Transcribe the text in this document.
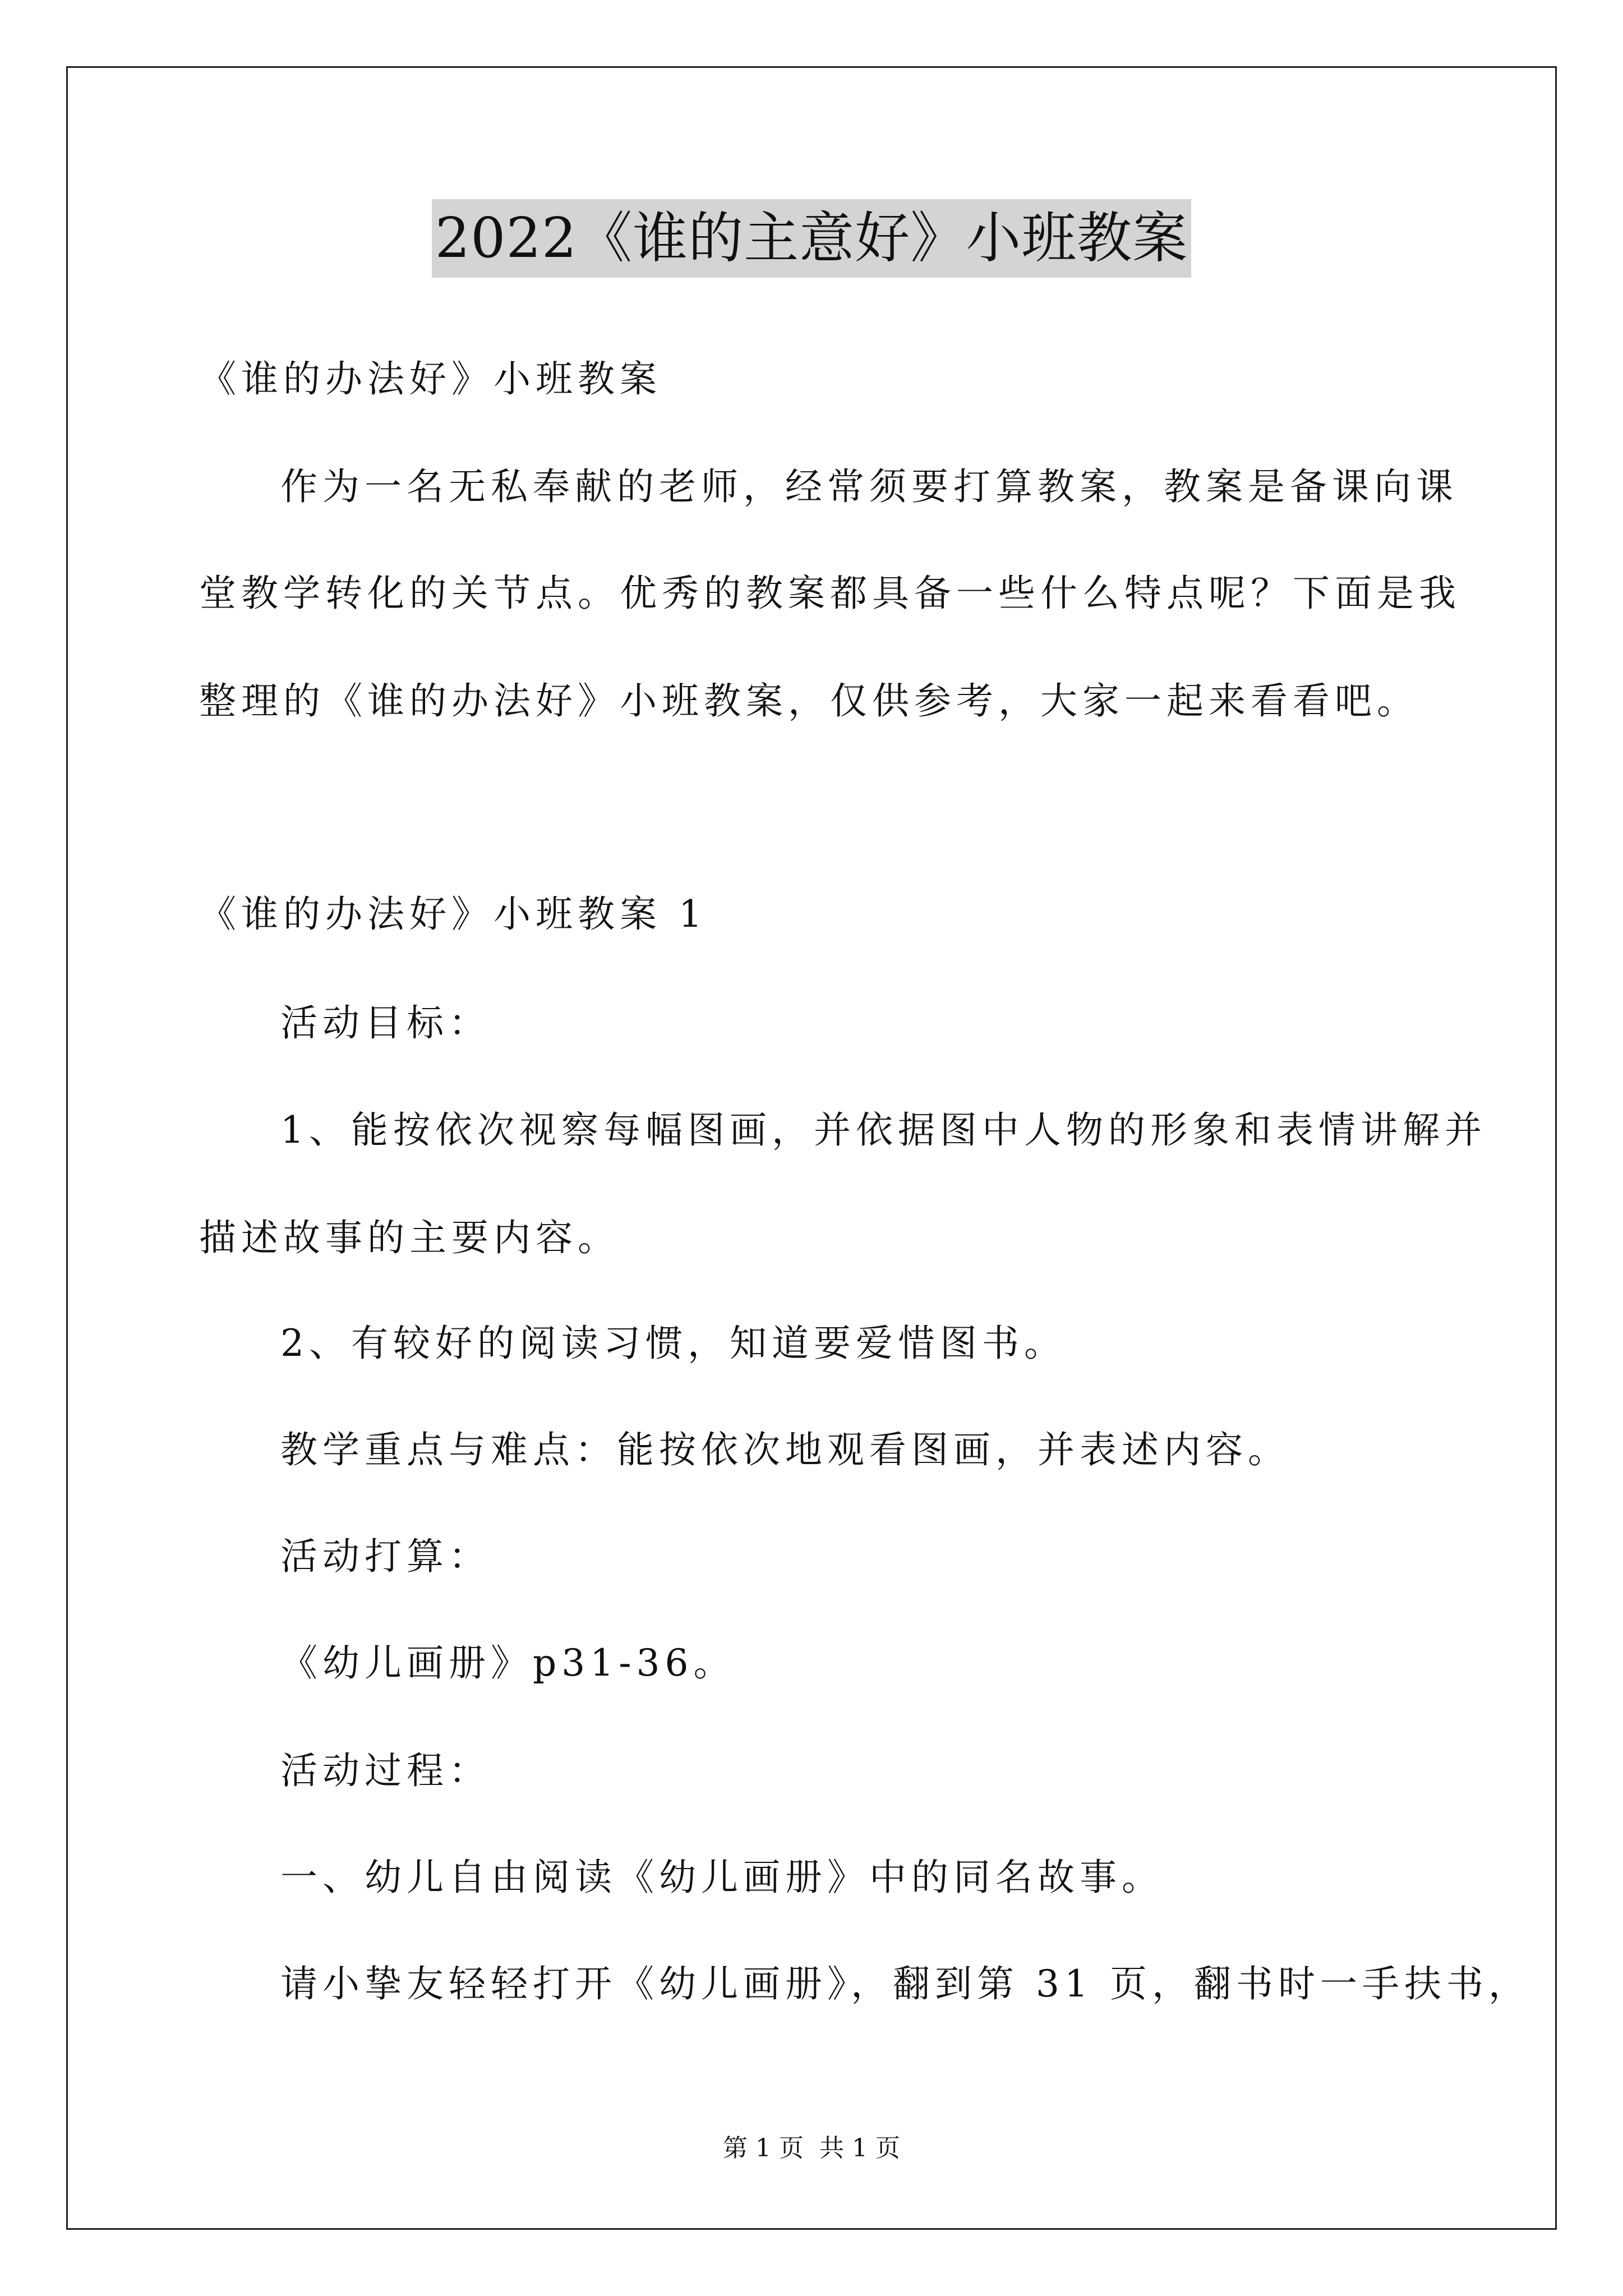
2022《谁的主意好》小班教案
《谁的办法好》小班教案
作为一名无私奉献的老师，经常须要打算教案，教案是备课向课
堂教学转化的关节点。优秀的教案都具备一些什么特点呢？下面是我
整理的《谁的办法好》小班教案，仅供参考，大家一起来看看吧。
《谁的办法好》小班教案 1
活动目标：
1、能按依次视察每幅图画，并依据图中人物的形象和表情讲解并
描述故事的主要内容。
2、有较好的阅读习惯，知道要爱惜图书。
教学重点与难点：能按依次地观看图画，并表述内容。
活动打算：
《幼儿画册》p31-36。
活动过程：
一、幼儿自由阅读《幼儿画册》中的同名故事。
请小挚友轻轻打开《幼儿画册》，翻到第 31 页，翻书时一手扶书，
第 1 页 共 1 页
